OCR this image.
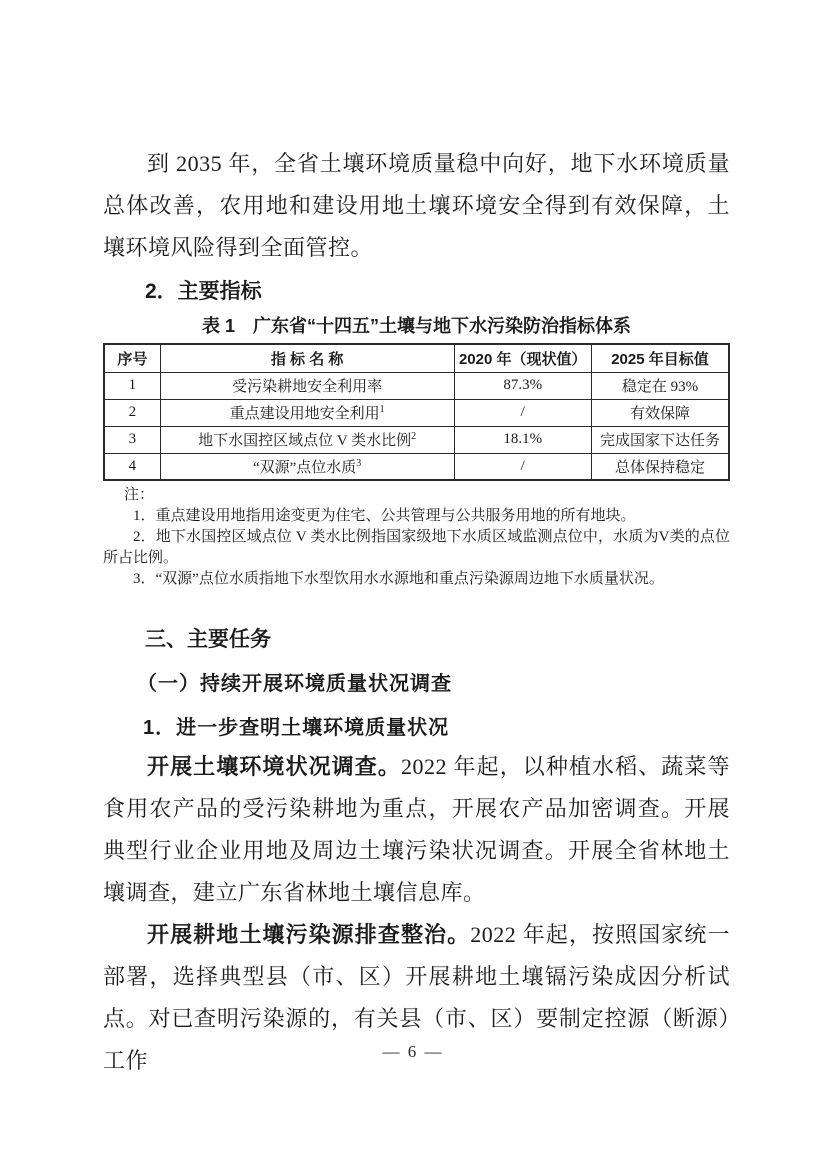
到 2035 年，全省土壤环境质量稳中向好，地下水环境质量总体改善，农用地和建设用地土壤环境安全得到有效保障，土壤环境风险得到全面管控。

2．主要指标
表 1　广东省“十四五”土壤与地下水污染防治指标体系
序号	指 标 名 称	2020 年（现状值）	2025 年目标值
1	受污染耕地安全利用率	87.3%	稳定在 93%
2	重点建设用地安全利用$^1$	/	有效保障
3	地下水国控区域点位 V 类水比例$^2$	18.1%	完成国家下达任务
4	“双源”点位水质$^3$	/	总体保持稳定

注：

1．重点建设用地指用途变更为住宅、公共管理与公共服务用地的所有地块。

2．地下水国控区域点位 V 类水比例指国家级地下水质区域监测点位中，水质为V类的点位所占比例。

3．“双源”点位水质指地下水型饮用水水源地和重点污染源周边地下水质量状况。

三、主要任务
（一）持续开展环境质量状况调查
1．进一步查明土壤环境质量状况

开展土壤环境状况调查。2022 年起，以种植水稻、蔬菜等食用农产品的受污染耕地为重点，开展农产品加密调查。开展典型行业企业用地及周边土壤污染状况调查。开展全省林地土壤调查，建立广东省林地土壤信息库。

开展耕地土壤污染源排查整治。2022 年起，按照国家统一部署，选择典型县（市、区）开展耕地土壤镉污染成因分析试点。对已查明污染源的，有关县（市、区）要制定控源（断源）工作	— 6 —
